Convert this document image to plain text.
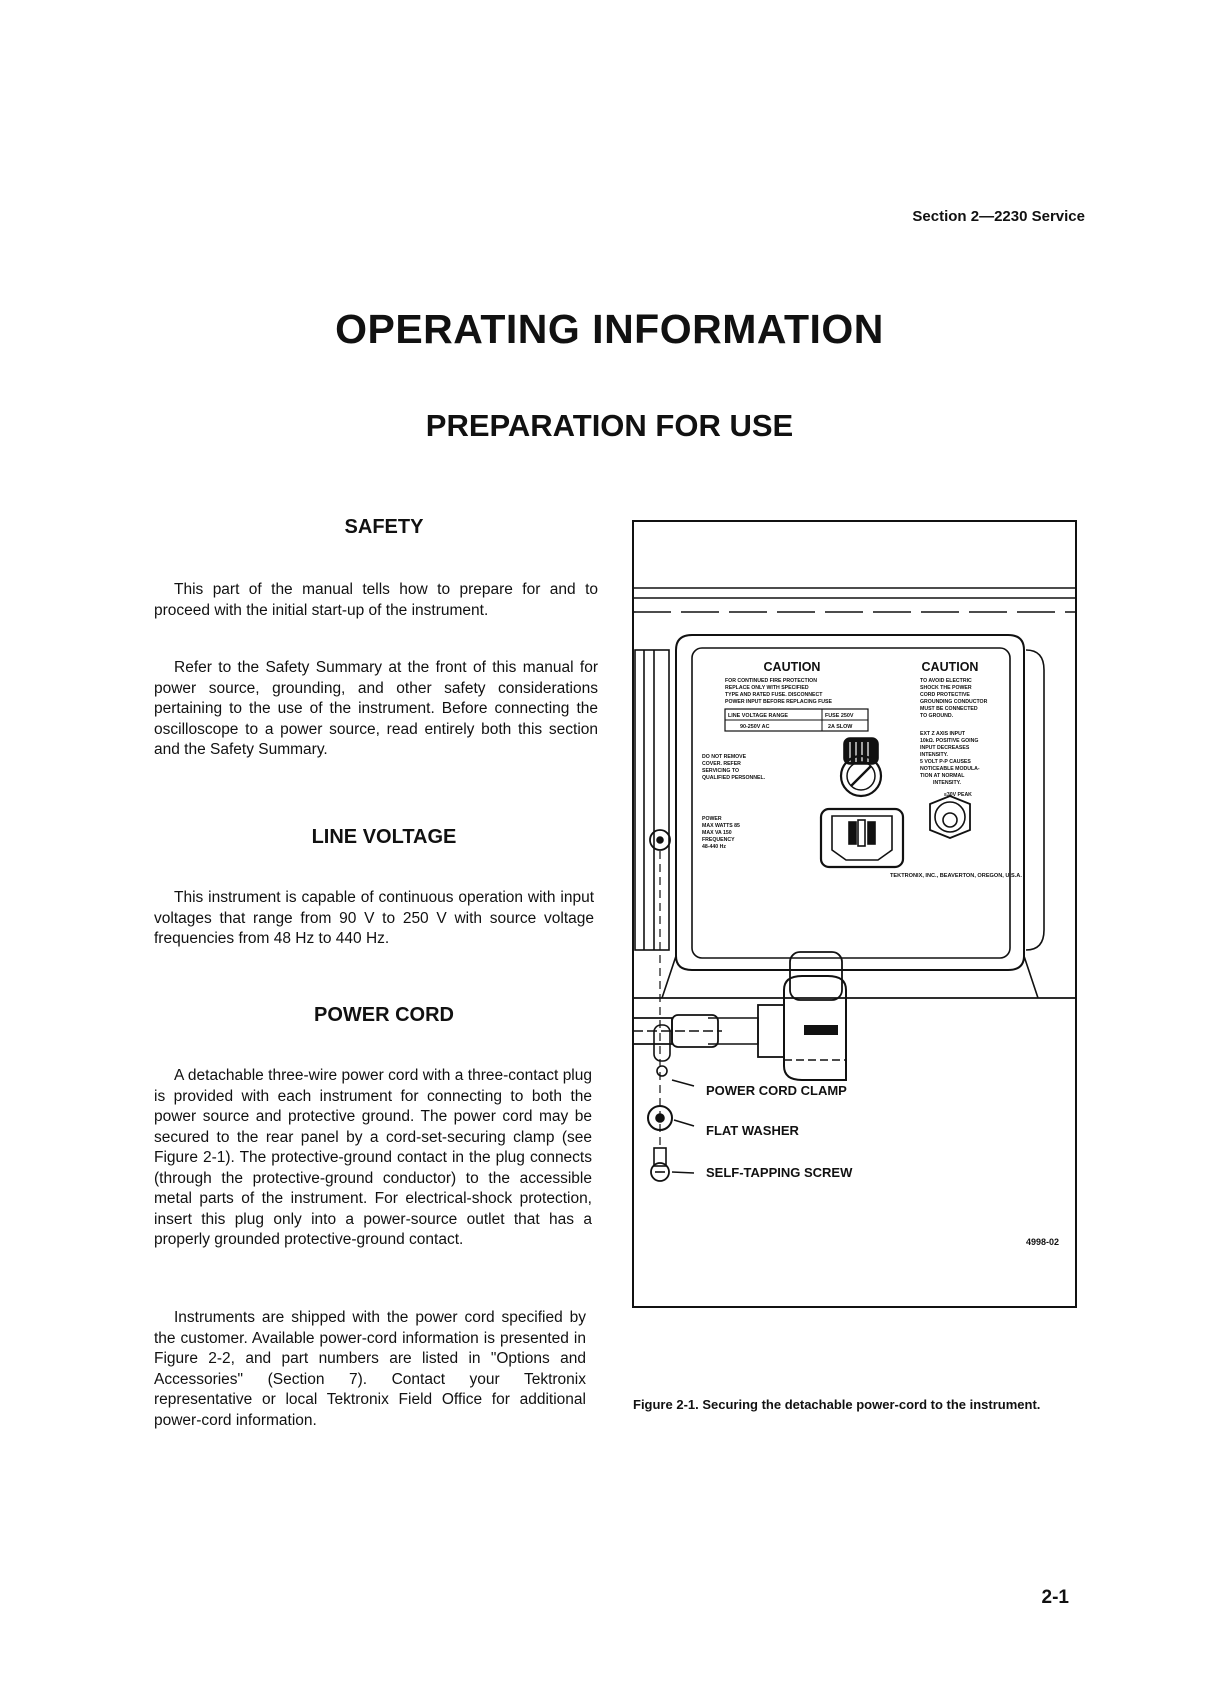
Section 2—2230 Service
OPERATING INFORMATION
PREPARATION FOR USE
SAFETY
This part of the manual tells how to prepare for and to proceed with the initial start-up of the instrument.
Refer to the Safety Summary at the front of this manual for power source, grounding, and other safety considerations pertaining to the use of the instrument. Before connecting the oscilloscope to a power source, read entirely both this section and the Safety Summary.
LINE VOLTAGE
This instrument is capable of continuous operation with input voltages that range from 90 V to 250 V with source voltage frequencies from 48 Hz to 440 Hz.
POWER CORD
A detachable three-wire power cord with a three-contact plug is provided with each instrument for connecting to both the power source and protective ground. The power cord may be secured to the rear panel by a cord-set-securing clamp (see Figure 2-1). The protective-ground contact in the plug connects (through the protective-ground conductor) to the accessible metal parts of the instrument. For electrical-shock protection, insert this plug only into a power-source outlet that has a properly grounded protective-ground contact.
Instruments are shipped with the power cord specified by the customer. Available power-cord information is presented in Figure 2-2, and part numbers are listed in "Options and Accessories" (Section 7). Contact your Tektronix representative or local Tektronix Field Office for additional power-cord information.
CAUTION
FOR CONTINUED FIRE PROTECTION
REPLACE ONLY WITH SPECIFIED
TYPE AND RATED FUSE. DISCONNECT
POWER INPUT BEFORE REPLACING FUSE
LINE VOLTAGE RANGE	FUSE 250V
90-250V AC	2A SLOW
DO NOT REMOVE
COVER. REFER
SERVICING TO
QUALIFIED PERSONNEL.
POWER
MAX WATTS 85
MAX VA 150
FREQUENCY
48-440 Hz
CAUTION
TO AVOID ELECTRIC
SHOCK THE POWER
CORD PROTECTIVE
GROUNDING CONDUCTOR
MUST BE CONNECTED
TO GROUND.
EXT Z AXIS INPUT
10kΩ. POSITIVE GOING
INPUT DECREASES
INTENSITY.
5 VOLT P-P CAUSES
NOTICEABLE MODULA-
TION AT NORMAL
INTENSITY.
≤30V PEAK
TEKTRONIX, INC., BEAVERTON, OREGON, U.S.A.
POWER CORD CLAMP
FLAT WASHER
SELF-TAPPING SCREW
4998-02
Figure 2-1. Securing the detachable power-cord to the instrument.
2-1
